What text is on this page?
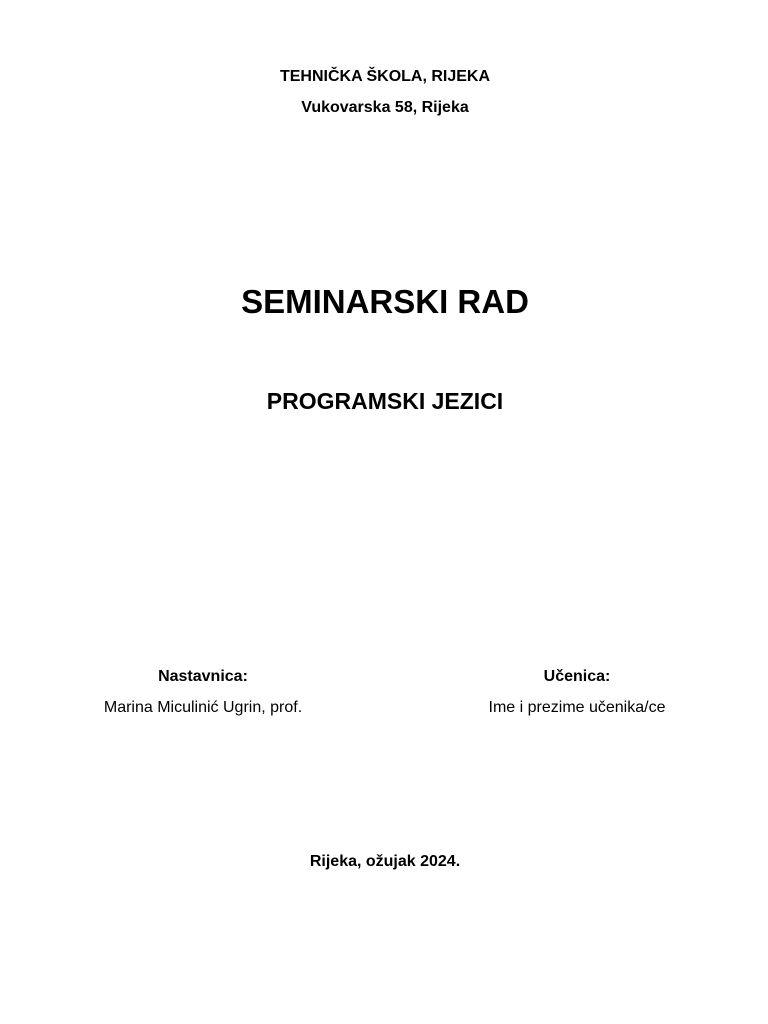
TEHNIČKA ŠKOLA, RIJEKA

Vukovarska 58, Rijeka

SEMINARSKI RAD
PROGRAMSKI JEZICI

Nastavnica:

Marina Miculinić Ugrin, prof.

Učenica:

Ime i prezime učenika/ce

Rijeka, ožujak 2024.
